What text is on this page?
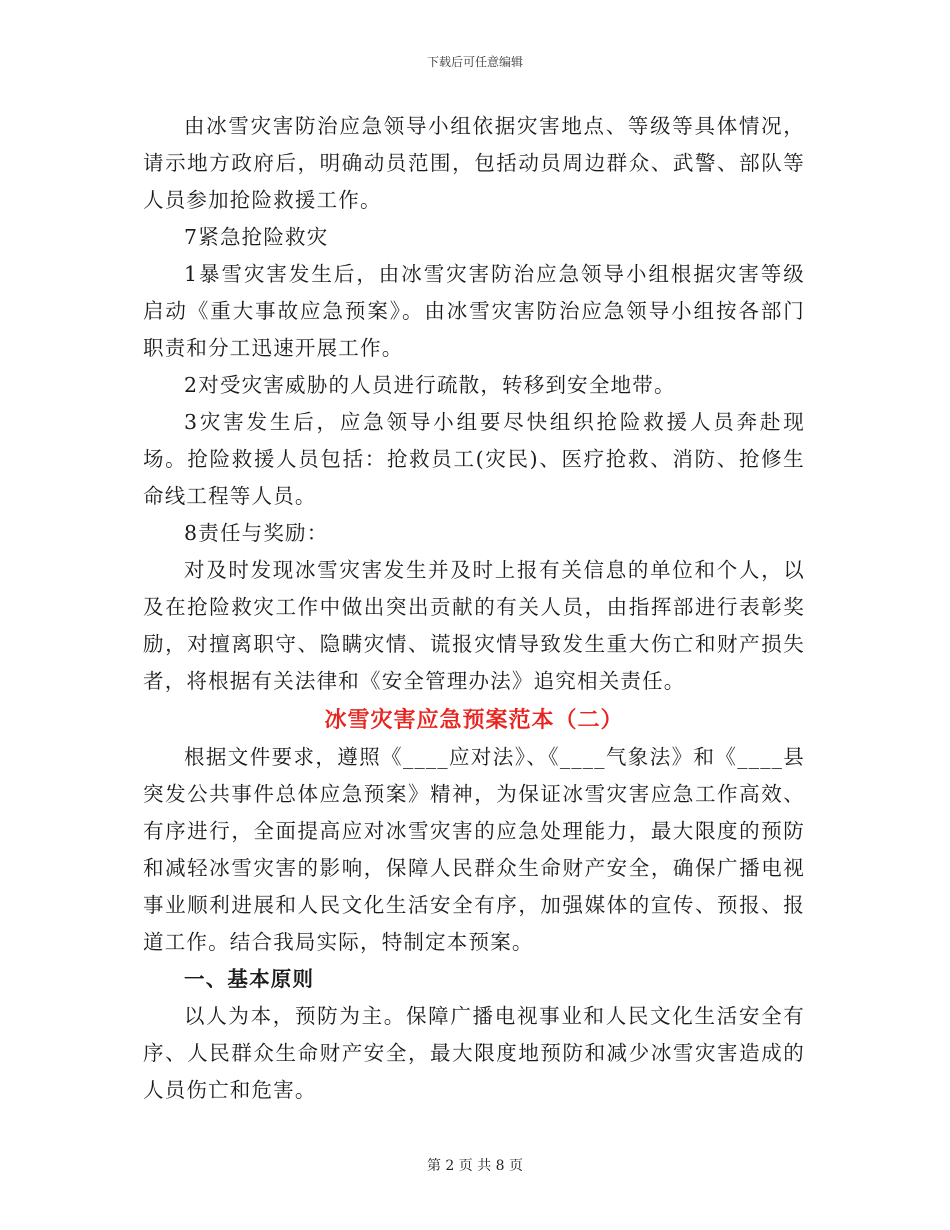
下载后可任意编辑

由冰雪灾害防治应急领导小组依据灾害地点、等级等具体情况，请示地方政府后，明确动员范围，包括动员周边群众、武警、部队等人员参加抢险救援工作。

7紧急抢险救灾

1暴雪灾害发生后，由冰雪灾害防治应急领导小组根据灾害等级启动《重大事故应急预案》。由冰雪灾害防治应急领导小组按各部门职责和分工迅速开展工作。

2对受灾害威胁的人员进行疏散，转移到安全地带。

3灾害发生后，应急领导小组要尽快组织抢险救援人员奔赴现场。抢险救援人员包括：抢救员工(灾民)、医疗抢救、消防、抢修生命线工程等人员。

8责任与奖励：

对及时发现冰雪灾害发生并及时上报有关信息的单位和个人，以及在抢险救灾工作中做出突出贡献的有关人员，由指挥部进行表彰奖励，对擅离职守、隐瞒灾情、谎报灾情导致发生重大伤亡和财产损失者，将根据有关法律和《安全管理办法》追究相关责任。

冰雪灾害应急预案范本（二）

根据文件要求，遵照《____应对法》、《____气象法》和《____县突发公共事件总体应急预案》精神，为保证冰雪灾害应急工作高效、有序进行，全面提高应对冰雪灾害的应急处理能力，最大限度的预防和减轻冰雪灾害的影响，保障人民群众生命财产安全，确保广播电视事业顺利进展和人民文化生活安全有序，加强媒体的宣传、预报、报道工作。结合我局实际，特制定本预案。

一、基本原则

以人为本，预防为主。保障广播电视事业和人民文化生活安全有序、人民群众生命财产安全，最大限度地预防和减少冰雪灾害造成的人员伤亡和危害。

第 2 页 共 8 页
